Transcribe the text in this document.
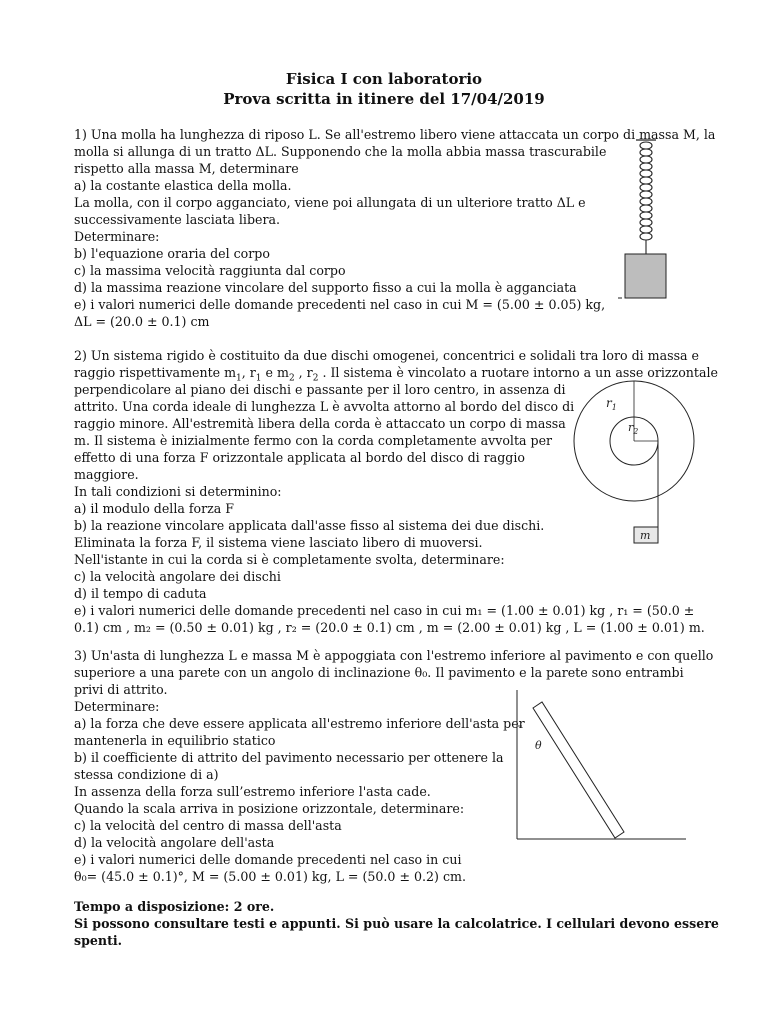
Fisica I con laboratorio
Prova scritta in itinere del 17/04/2019
1) Una molla ha lunghezza di riposo L. Se all'estremo libero viene attaccata un corpo di massa M, la
molla si allunga di un tratto ΔL. Supponendo che la molla abbia massa trascurabile
rispetto alla massa M, determinare
a) la costante elastica della molla.
La molla, con il corpo agganciato, viene poi allungata di un ulteriore tratto ΔL e
successivamente lasciata libera.
Determinare:
b) l'equazione oraria del corpo
c) la massima velocità raggiunta dal corpo
d) la massima reazione vincolare del supporto fisso a cui la molla è agganciata
e) i valori numerici delle domande precedenti nel caso in cui M = (5.00 ± 0.05) kg,
ΔL = (20.0 ± 0.1) cm
2) Un sistema rigido è costituito da due dischi omogenei, concentrici e solidali tra loro di massa e
raggio rispettivamente $m_1$, $r_1$ e $m_2$ , $r_2$ . Il sistema è vincolato a ruotare intorno a un asse orizzontale
perpendicolare al piano dei dischi e passante per il loro centro, in assenza di
attrito. Una corda ideale di lunghezza L è avvolta attorno al bordo del disco di
raggio minore. All'estremità libera della corda è attaccato un corpo di massa
m. Il sistema è inizialmente fermo con la corda completamente avvolta per
effetto di una forza F orizzontale applicata al bordo del disco di raggio
maggiore.
In tali condizioni si determinino:
a) il modulo della forza F
b) la reazione vincolare applicata dall'asse fisso al sistema dei due dischi.
Eliminata la forza F, il sistema viene lasciato libero di muoversi.
Nell'istante in cui la corda si è completamente svolta, determinare:
c) la velocità angolare dei dischi
d) il tempo di caduta
e) i valori numerici delle domande precedenti nel caso in cui m₁ = (1.00 ± 0.01) kg , r₁ = (50.0 ±
0.1) cm , m₂ = (0.50 ± 0.01) kg , r₂ = (20.0 ± 0.1) cm , m = (2.00 ± 0.01) kg , L = (1.00 ± 0.01) m.
$r_1$
$r_2$
m
3) Un'asta di lunghezza L e massa M è appoggiata con l'estremo inferiore al pavimento e con quello
superiore a una parete con un angolo di inclinazione θ₀. Il pavimento e la parete sono entrambi
privi di attrito.
Determinare:
a) la forza che deve essere applicata all'estremo inferiore dell'asta per
mantenerla in equilibrio statico
b) il coefficiente di attrito del pavimento necessario per ottenere la
stessa condizione di a)
In assenza della forza sull’estremo inferiore l'asta cade.
Quando la scala arriva in posizione orizzontale, determinare:
c) la velocità del centro di massa dell'asta
d) la velocità angolare dell'asta
e) i valori numerici delle domande precedenti nel caso in cui
θ₀= (45.0 ± 0.1)°, M = (5.00 ± 0.01) kg, L = (50.0 ± 0.2) cm.
θ
Tempo a disposizione: 2 ore.
Si possono consultare testi e appunti. Si può usare la calcolatrice. I cellulari devono essere
spenti.
